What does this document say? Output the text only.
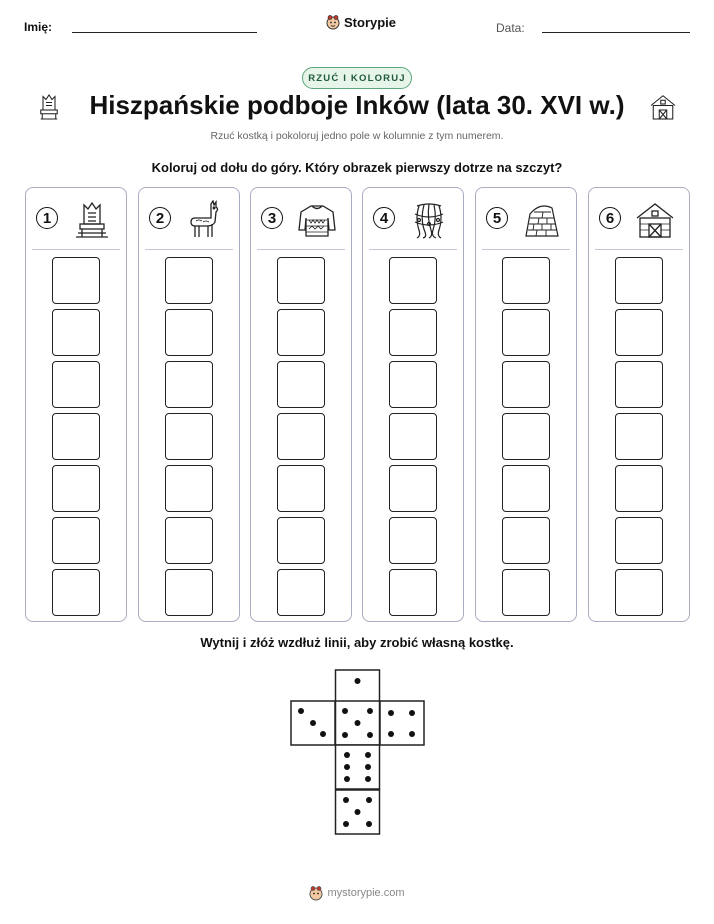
Imię:	Storypie	Data:
RZUĆ I KOLORUJ
Hiszpańskie podboje Inków (lata 30. XVI w.)
Rzuć kostką i pokoloruj jedno pole w kolumnie z tym numerem.
Koloruj od dołu do góry. Który obrazek pierwszy dotrze na szczyt?
1	2	3	4	5	6
Wytnij i złóż wzdłuż linii, aby zrobić własną kostkę.
mystorypie.com
